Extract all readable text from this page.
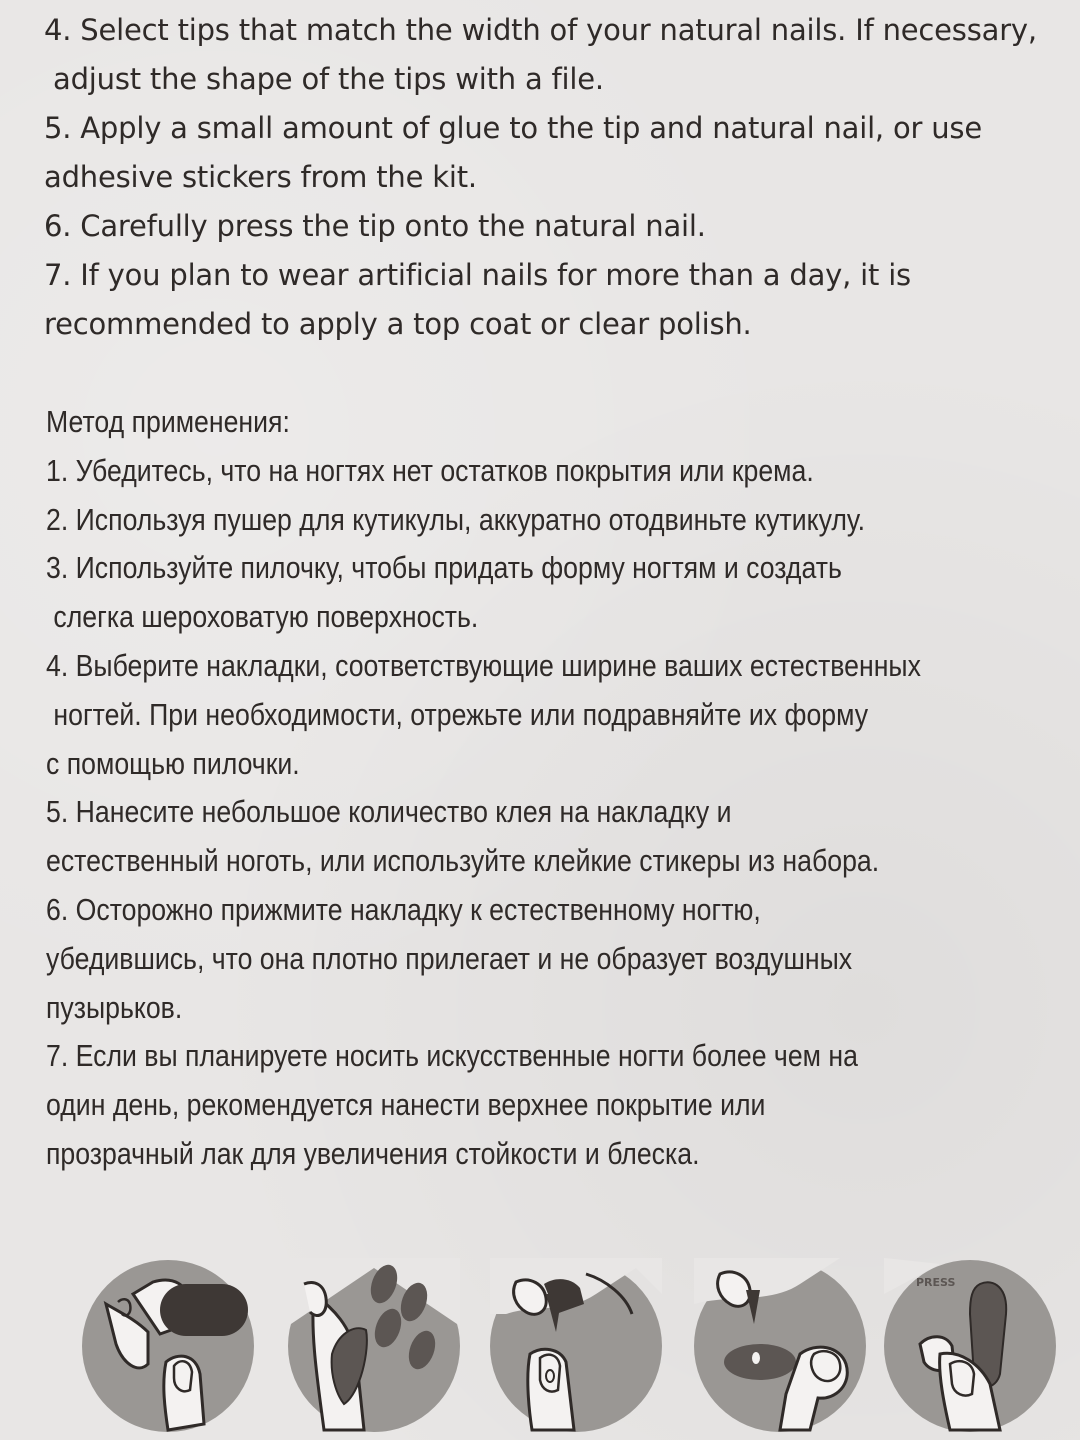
4. Select tips that match the width of your natural nails. If necessary,
adjust the shape of the tips with a file.
5. Apply a small amount of glue to the tip and natural nail, or use
adhesive stickers from the kit.
6. Carefully press the tip onto the natural nail.
7. If you plan to wear artificial nails for more than a day, it is
recommended to apply a top coat or clear polish.
Метод применения:
1. Убедитесь, что на ногтях нет остатков покрытия или крема.
2. Используя пушер для кутикулы, аккуратно отодвиньте кутикулу.
3. Используйте пилочку, чтобы придать форму ногтям и создать
слегка шероховатую поверхность.
4. Выберите накладки, соответствующие ширине ваших естественных
ногтей. При необходимости, отрежьте или подравняйте их форму
с помощью пилочки.
5. Нанесите небольшое количество клея на накладку и
естественный ноготь, или используйте клейкие стикеры из набора.
6. Осторожно прижмите накладку к естественному ногтю,
убедившись, что она плотно прилегает и не образует воздушных
пузырьков.
7. Если вы планируете носить искусственные ногти более чем на
один день, рекомендуется нанести верхнее покрытие или
прозрачный лак для увеличения стойкости и блеска.
PRESS
